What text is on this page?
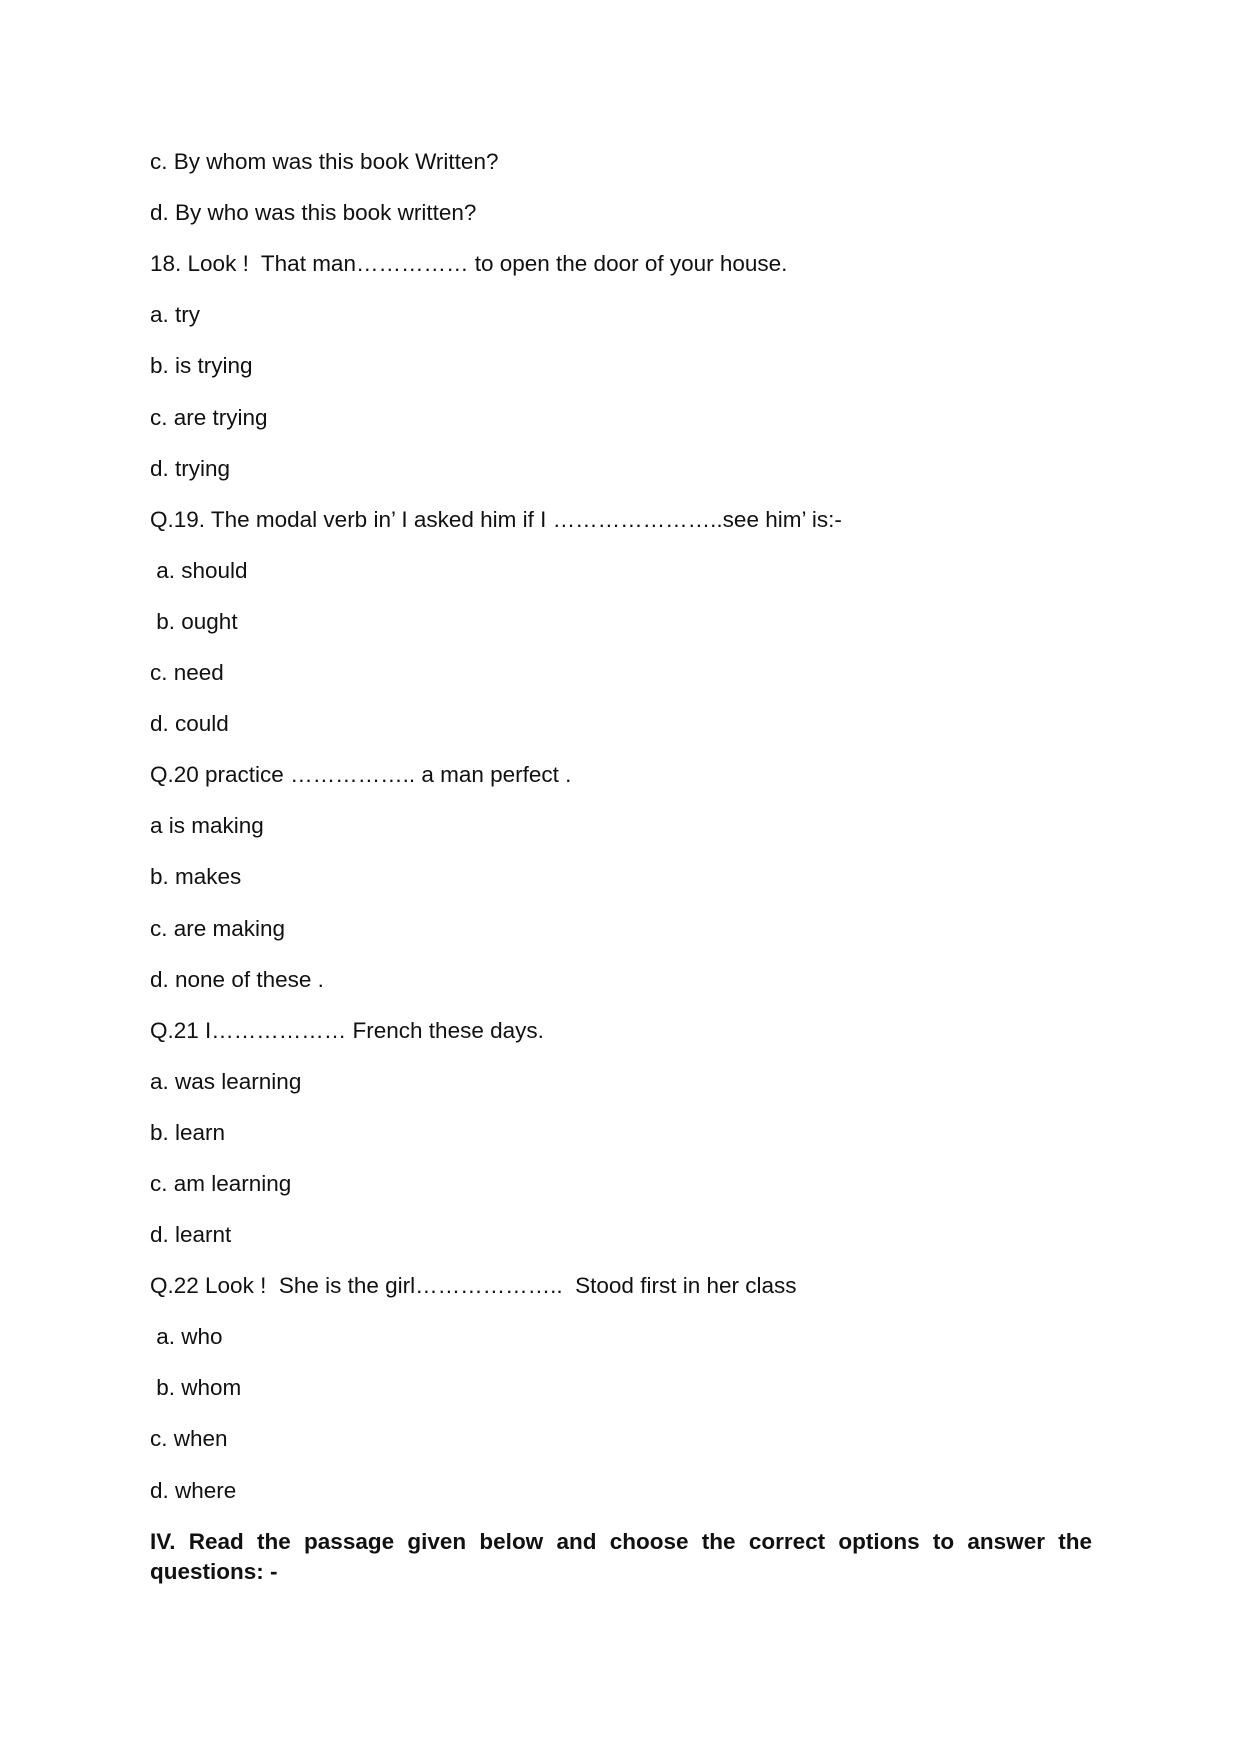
c. By whom was this book Written?
d. By who was this book written?
18. Look !  That man…………… to open the door of your house.
a. try
b. is trying
c. are trying
d. trying
Q.19. The modal verb in’ I asked him if I …………………..see him’ is:-
a. should
b. ought
c. need
d. could
Q.20 practice …………….. a man perfect .
a is making
b. makes
c. are making
d. none of these .
Q.21 I……………… French these days.
a. was learning
b. learn
c. am learning
d. learnt
Q.22 Look !  She is the girl………………..  Stood first in her class
a. who
b. whom
c. when
d. where
IV. Read the passage given below and choose the correct options to answer the questions: -
